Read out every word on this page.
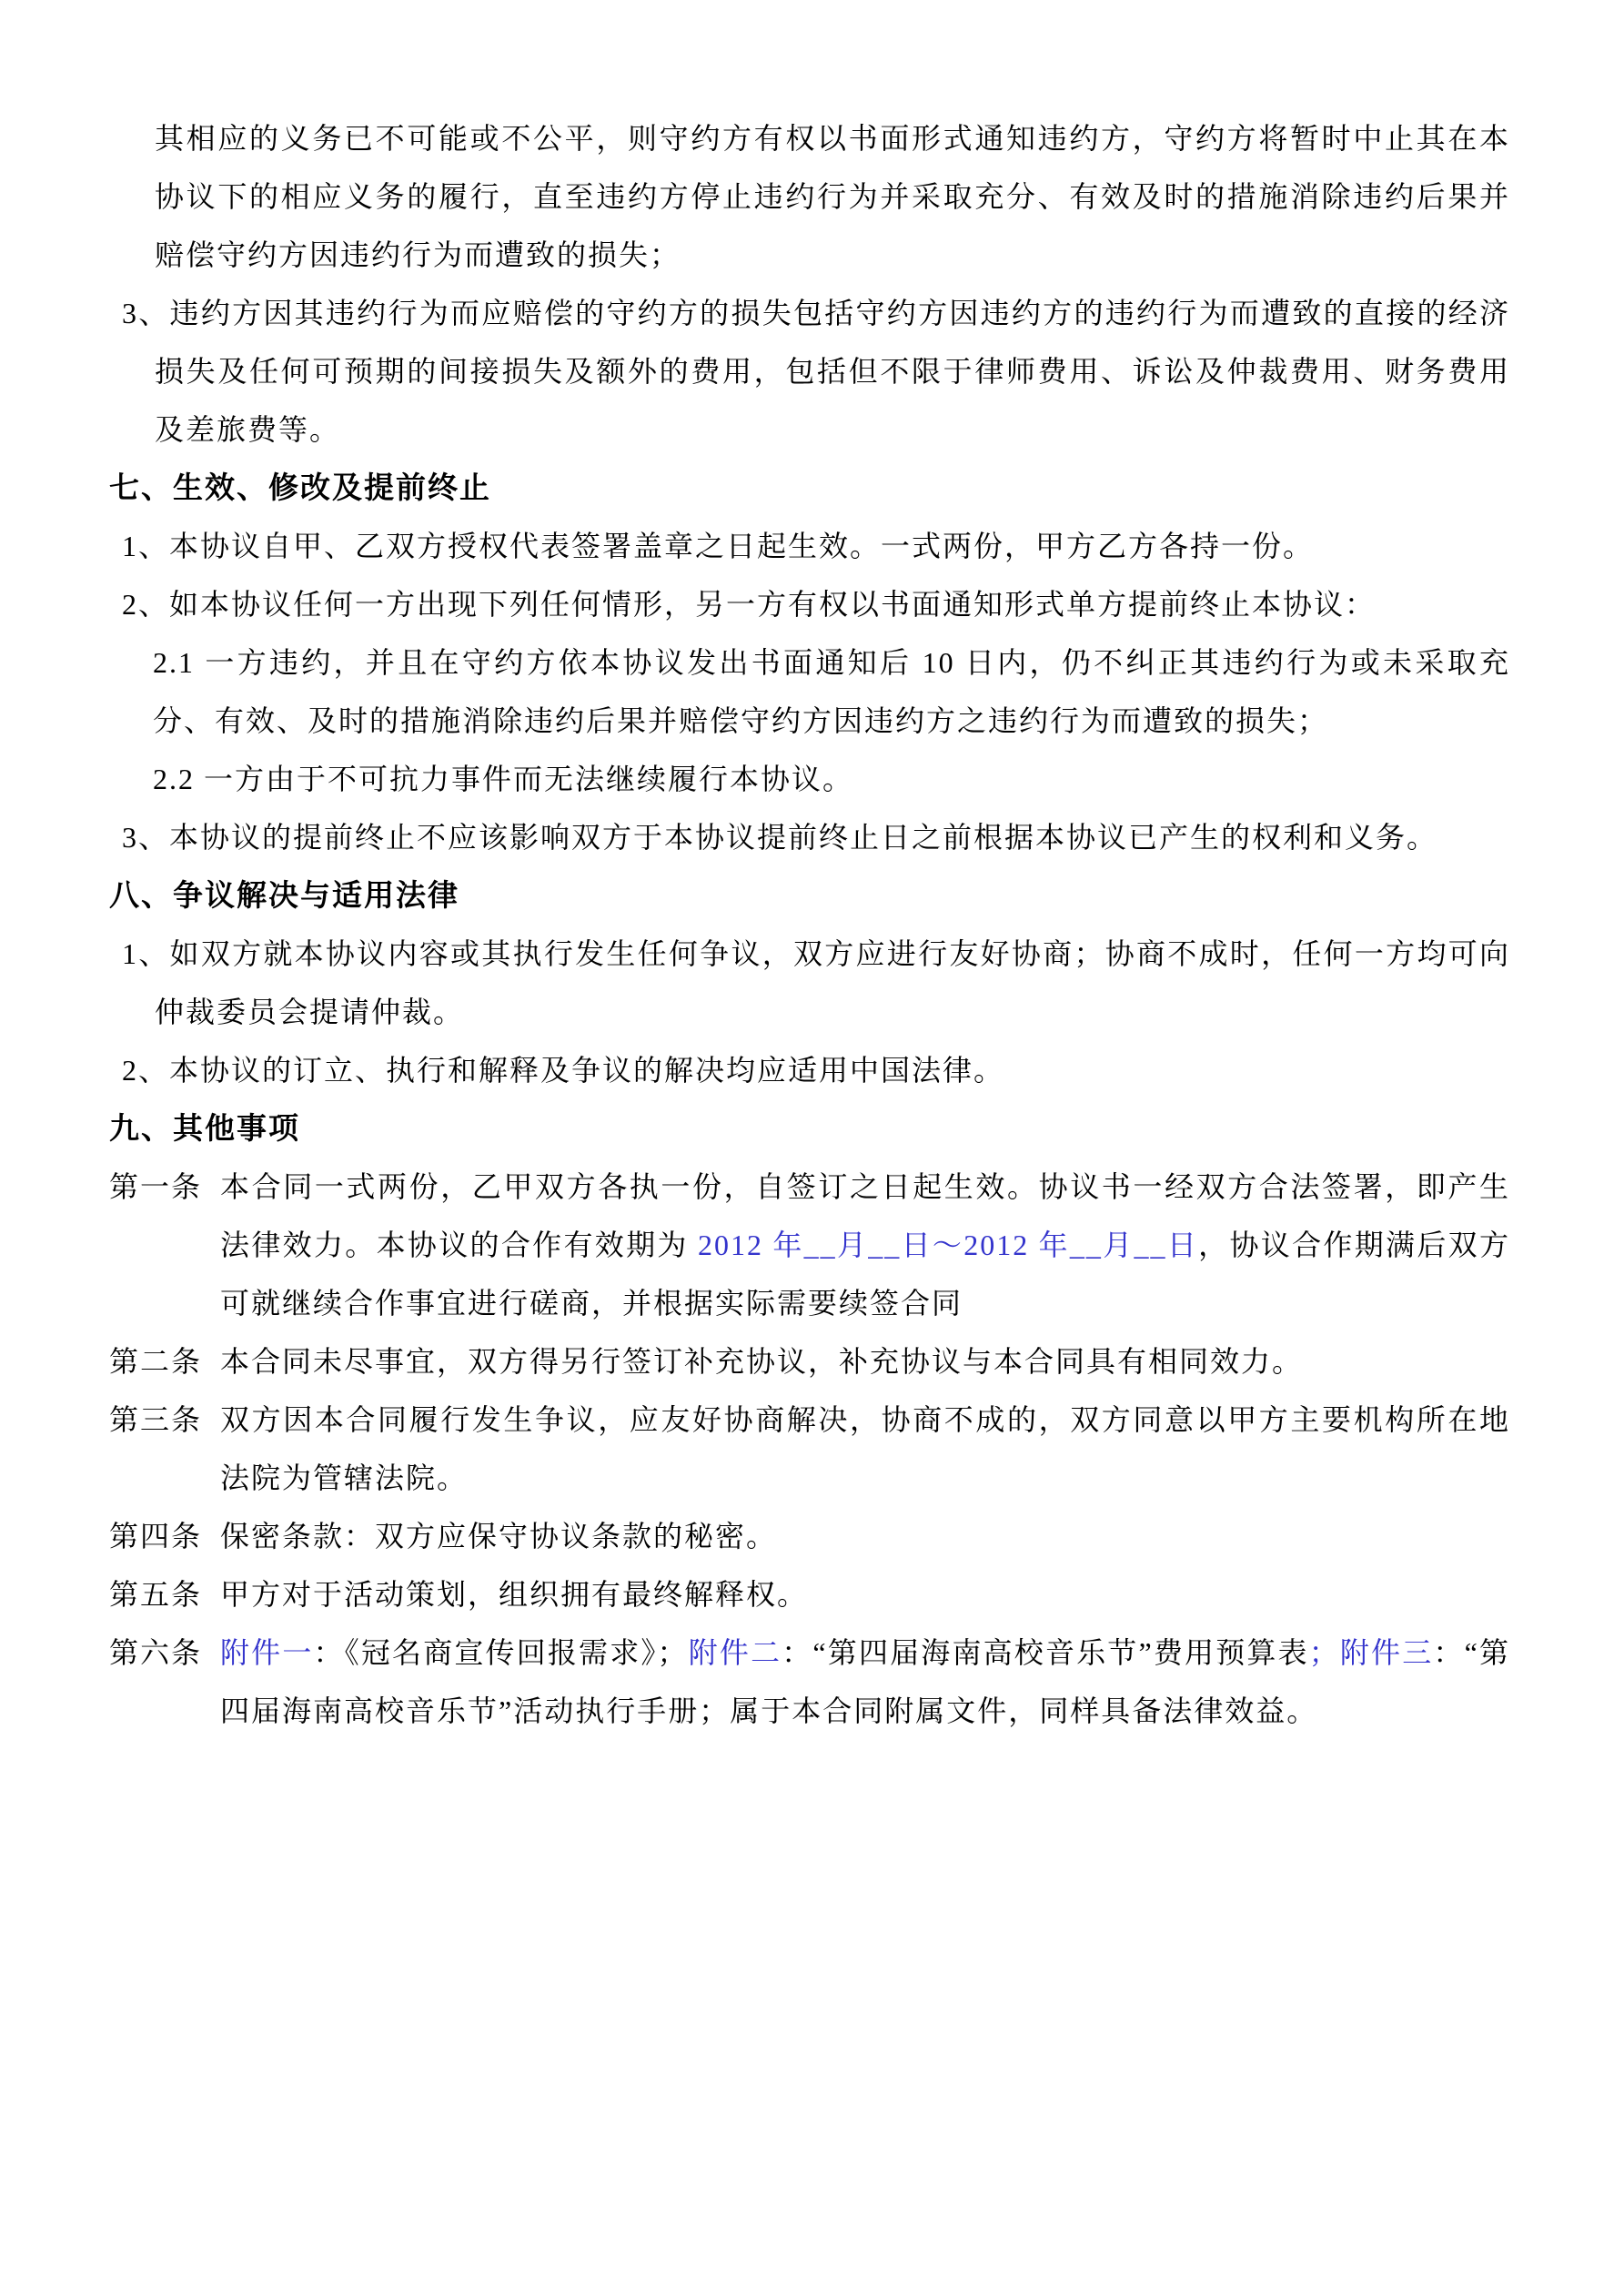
其相应的义务已不可能或不公平，则守约方有权以书面形式通知违约方，守约方将暂时中止其在本协议下的相应义务的履行，直至违约方停止违约行为并采取充分、有效及时的措施消除违约后果并赔偿守约方因违约行为而遭致的损失；
3、违约方因其违约行为而应赔偿的守约方的损失包括守约方因违约方的违约行为而遭致的直接的经济损失及任何可预期的间接损失及额外的费用，包括但不限于律师费用、诉讼及仲裁费用、财务费用及差旅费等。
七、生效、修改及提前终止
1、本协议自甲、乙双方授权代表签署盖章之日起生效。一式两份，甲方乙方各持一份。
2、如本协议任何一方出现下列任何情形，另一方有权以书面通知形式单方提前终止本协议：
2.1 一方违约，并且在守约方依本协议发出书面通知后 10 日内，仍不纠正其违约行为或未采取充分、有效、及时的措施消除违约后果并赔偿守约方因违约方之违约行为而遭致的损失；
2.2 一方由于不可抗力事件而无法继续履行本协议。
3、本协议的提前终止不应该影响双方于本协议提前终止日之前根据本协议已产生的权利和义务。
八、争议解决与适用法律
1、如双方就本协议内容或其执行发生任何争议，双方应进行友好协商；协商不成时，任何一方均可向仲裁委员会提请仲裁。
2、本协议的订立、执行和解释及争议的解决均应适用中国法律。
九、其他事项
第一条 本合同一式两份，乙甲双方各执一份，自签订之日起生效。协议书一经双方合法签署，即产生法律效力。本协议的合作有效期为 2012 年__月__日～2012 年__月__日，协议合作期满后双方可就继续合作事宜进行磋商，并根据实际需要续签合同
第二条 本合同未尽事宜，双方得另行签订补充协议，补充协议与本合同具有相同效力。
第三条 双方因本合同履行发生争议，应友好协商解决，协商不成的，双方同意以甲方主要机构所在地法院为管辖法院。
第四条 保密条款：双方应保守协议条款的秘密。
第五条 甲方对于活动策划，组织拥有最终解释权。
第六条 附件一：《冠名商宣传回报需求》；附件二：“第四届海南高校音乐节”费用预算表；附件三：“第四届海南高校音乐节”活动执行手册；属于本合同附属文件，同样具备法律效益。
